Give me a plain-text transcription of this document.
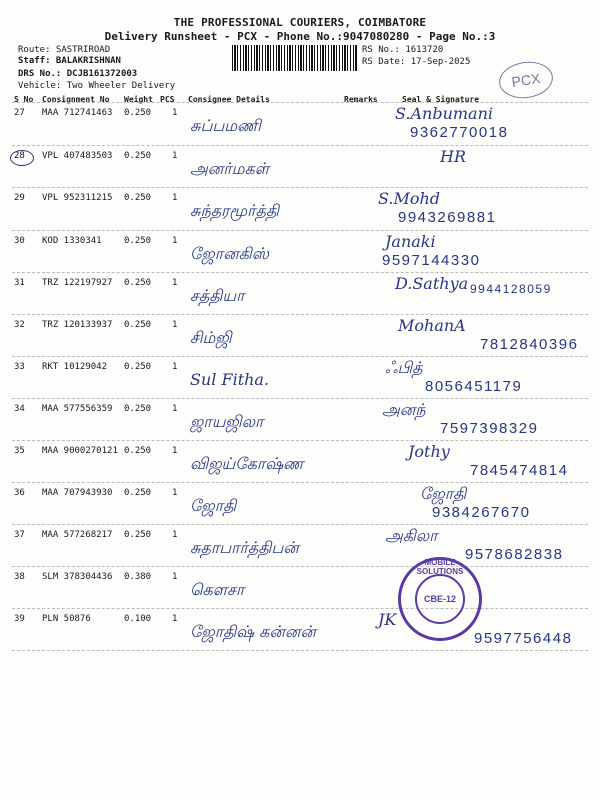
THE PROFESSIONAL COURIERS, COIMBATORE
Delivery Runsheet - PCX - Phone No.:9047080280 - Page No.:3
Route: SASTRIROAD
Staff: BALAKRISHNAN
DRS No.: DCJB161372003
Vehicle: Two Wheeler Delivery
RS No.: 1613720
RS Date: 17-Sep-2025
PCX
S No Consignment No Weight PCS Consignee Details	Remarks	Seal & Signature
27 MAA 712741463 0.250 1
சுப்பமணி
S.Anbumani
9362770018
28 VPL 407483503 0.250 1
அனர்மகள்
HR
29 VPL 952311215 0.250 1
சுந்தரமூர்த்தி
S.Mohd
9943269881
30 KOD 1330341 0.250 1
ஜோனகிஸ்
Janaki
9597144330
31 TRZ 122197927 0.250 1
சத்தியா
D.Sathya 9944128059
32 TRZ 120133937 0.250 1
சிம்ஜி
MohanA
7812840396
33 RKT 10129042 0.250 1
Sul Fitha.
ஃபித்
8056451179
34 MAA 577556359 0.250 1
ஜாயஜிலா
அனந்
7597398329
35 MAA 9000270121 0.250 1
விஜய்கோஷ்ண
Jothy
7845474814
36 MAA 707943930 0.250 1
ஜோதி
ஜோதி
9384267670
37 MAA 577268217 0.250 1
சுதாபார்த்திபன்
அகிலா
9578682838
38 SLM 378304436 0.380 1
கெளசா
39 PLN 50876	0.100 1
ஜோதிஷ் கன்னன்
JK
9597756448
MOBILE SOLUTIONS
CBE-12
